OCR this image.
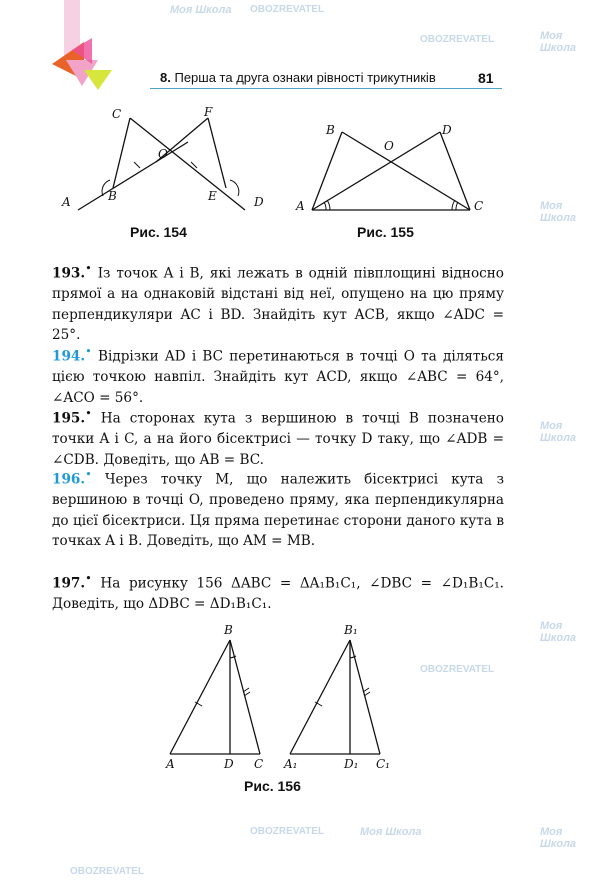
8. Перша та друга ознаки рівності трикутників	81
A	B
C
O
F
E	D
Рис. 154
A
B
O
D
C
Рис. 155
193.• Із точок A і B, які лежать в одній півплощині відносно прямої a на однаковій відстані від неї, опущено на цю пряму перпендикуляри AC і BD. Знайдіть кут ACB, якщо ∠ADC = 25°.
194.• Відрізки AD і BC перетинаються в точці O та діляться цією точкою навпіл. Знайдіть кут ACD, якщо ∠ABC = 64°, ∠ACO = 56°.
195.• На сторонах кута з вершиною в точці B позначено точки A і C, а на його бісектрисі — точку D таку, що ∠ADB = ∠CDB. Доведіть, що AB = BC.
196.• Через точку M, що належить бісектрисі кута з вершиною в точці O, проведено пряму, яка перпендикулярна до цієї бісектриси. Ця пряма перетинає сторони даного кута в точках A і B. Доведіть, що AM = MB.
197.• На рисунку 156 ΔABC = ΔA₁B₁C₁, ∠DBC = ∠D₁B₁C₁. Доведіть, що ΔDBC = ΔD₁B₁C₁.
B
A	D C
B₁
A₁	D₁ C₁
Рис. 156
Моя Школа OBOZREVATEL
Моя Школа
OBOZREVATEL
Моя Школа
Моя Школа
Моя Школа
OBOZREVATEL
Моя Школа
OBOZREVATEL	Моя Школа
OBOZREVATEL
